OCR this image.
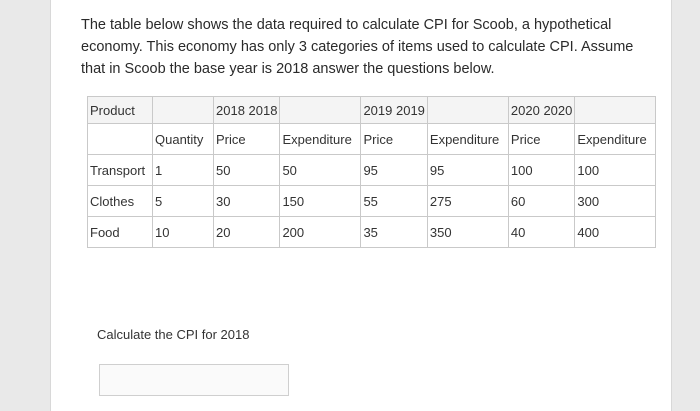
The table below shows the data required to calculate CPI for Scoob, a hypothetical economy. This economy has only 3 categories of items used to calculate CPI. Assume that in Scoob the base year is 2018 answer the questions below.
Product		2018 2018		2019 2019		2020 2020	
	Quantity	Price	Expenditure	Price	Expenditure	Price	Expenditure
Transport	1	50	50	95	95	100	100
Clothes	5	30	150	55	275	60	300
Food	10	20	200	35	350	40	400
Calculate the CPI for 2018
